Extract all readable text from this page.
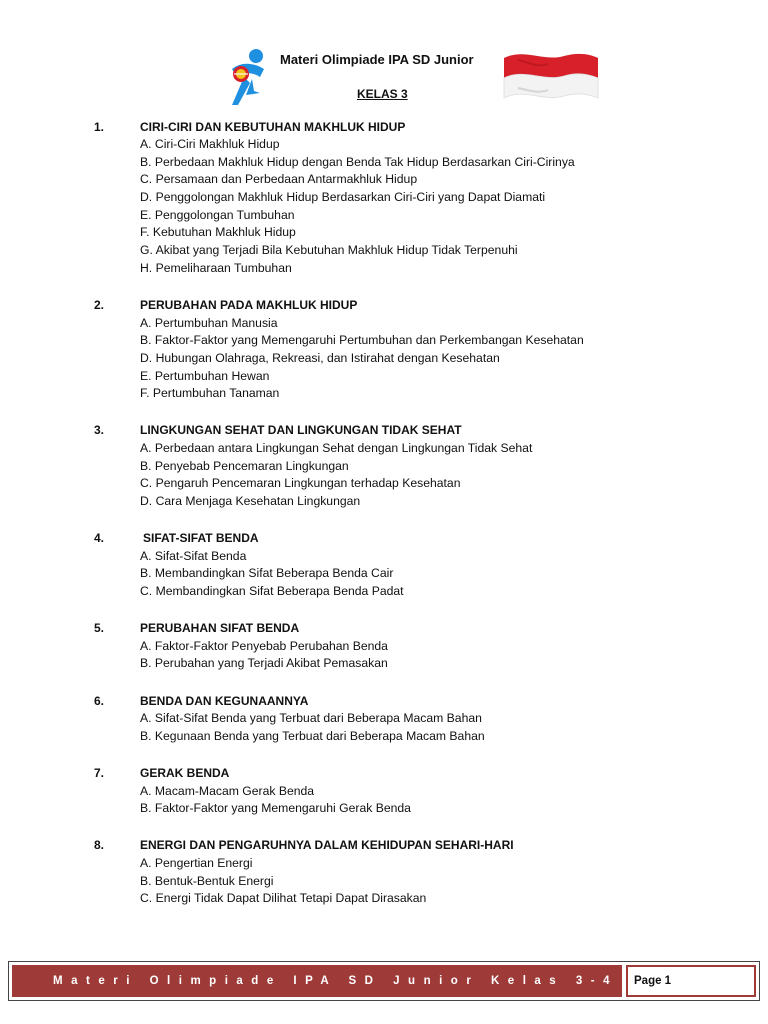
Materi Olimpiade IPA SD Junior
KELAS 3
1.	CIRI-CIRI DAN KEBUTUHAN MAKHLUK HIDUP
A. Ciri-Ciri Makhluk Hidup
B. Perbedaan Makhluk Hidup dengan Benda Tak Hidup Berdasarkan Ciri-Cirinya
C. Persamaan dan Perbedaan Antarmakhluk Hidup
D. Penggolongan Makhluk Hidup Berdasarkan Ciri-Ciri yang Dapat Diamati
E. Penggolongan Tumbuhan
F. Kebutuhan Makhluk Hidup
G. Akibat yang Terjadi Bila Kebutuhan Makhluk Hidup Tidak Terpenuhi
H. Pemeliharaan Tumbuhan
2.	PERUBAHAN PADA MAKHLUK HIDUP
A. Pertumbuhan Manusia
B. Faktor-Faktor yang Memengaruhi Pertumbuhan dan Perkembangan Kesehatan
D. Hubungan Olahraga, Rekreasi, dan Istirahat dengan Kesehatan
E. Pertumbuhan Hewan
F. Pertumbuhan Tanaman
3.	LINGKUNGAN SEHAT DAN LINGKUNGAN TIDAK SEHAT
A. Perbedaan antara Lingkungan Sehat dengan Lingkungan Tidak Sehat
B. Penyebab Pencemaran Lingkungan
C. Pengaruh Pencemaran Lingkungan terhadap Kesehatan
D. Cara Menjaga Kesehatan Lingkungan
4.	SIFAT-SIFAT BENDA
A. Sifat-Sifat Benda
B. Membandingkan Sifat Beberapa Benda Cair
C. Membandingkan Sifat Beberapa Benda Padat
5.	PERUBAHAN SIFAT BENDA
A. Faktor-Faktor Penyebab Perubahan Benda
B. Perubahan yang Terjadi Akibat Pemasakan
6.	BENDA DAN KEGUNAANNYA
A. Sifat-Sifat Benda yang Terbuat dari Beberapa Macam Bahan
B. Kegunaan Benda yang Terbuat dari Beberapa Macam Bahan
7.	GERAK BENDA
A. Macam-Macam Gerak Benda
B. Faktor-Faktor yang Memengaruhi Gerak Benda
8.	ENERGI DAN PENGARUHNYA DALAM KEHIDUPAN SEHARI-HARI
A. Pengertian Energi
B. Bentuk-Bentuk Energi
C. Energi Tidak Dapat Dilihat Tetapi Dapat Dirasakan
Materi Olimpiade IPA SD Junior Kelas 3-4	Page 1
